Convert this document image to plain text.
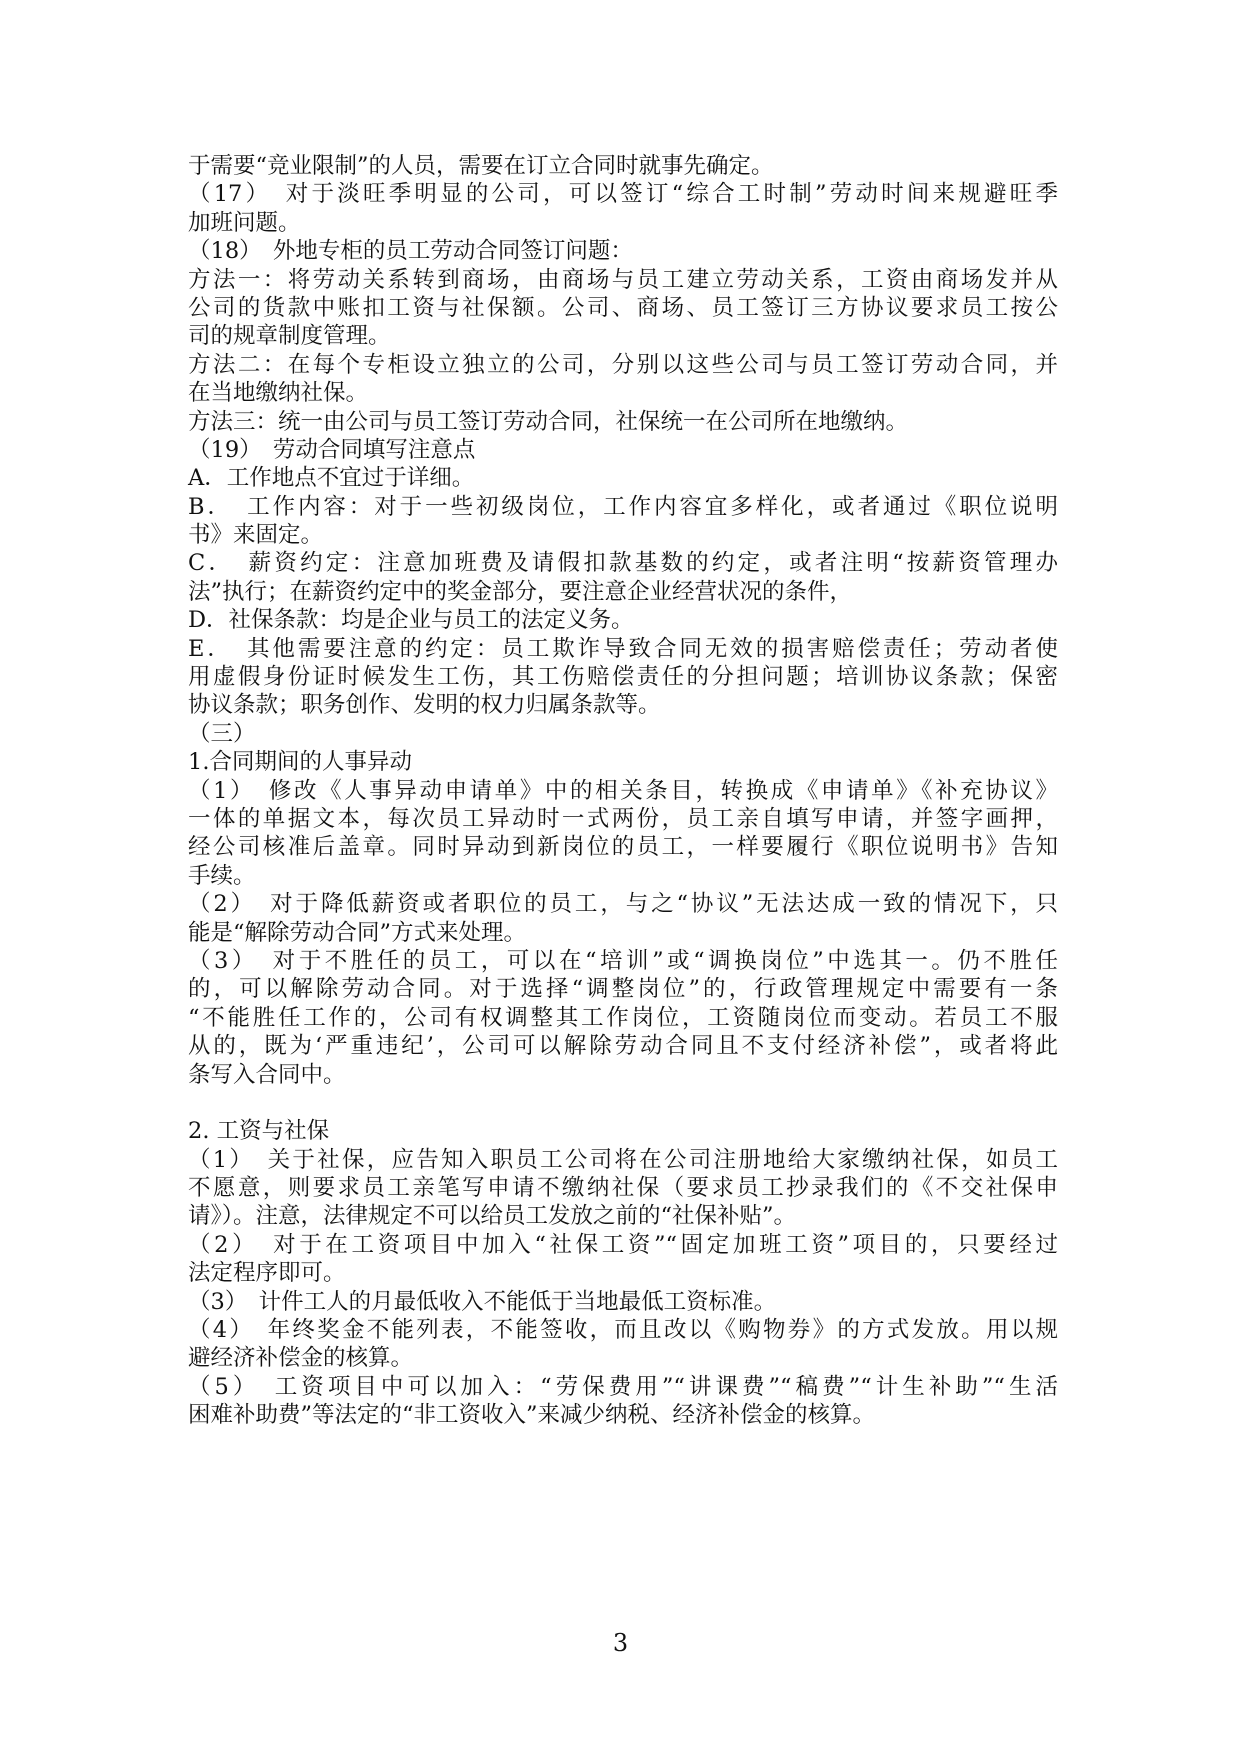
于需要“竞业限制”的人员，需要在订立合同时就事先确定。
（17）　对于淡旺季明显的公司，可以签订“综合工时制”劳动时间来规避旺季
加班问题。
（18）　外地专柜的员工劳动合同签订问题：
方法一：将劳动关系转到商场，由商场与员工建立劳动关系，工资由商场发并从
公司的货款中账扣工资与社保额。公司、商场、员工签订三方协议要求员工按公
司的规章制度管理。
方法二：在每个专柜设立独立的公司，分别以这些公司与员工签订劳动合同，并
在当地缴纳社保。
方法三：统一由公司与员工签订劳动合同，社保统一在公司所在地缴纳。
（19）　劳动合同填写注意点
A．工作地点不宜过于详细。
B．　工作内容：对于一些初级岗位，工作内容宜多样化，或者通过《职位说明
书》来固定。
C．　薪资约定：注意加班费及请假扣款基数的约定，或者注明“按薪资管理办
法”执行；在薪资约定中的奖金部分，要注意企业经营状况的条件，
D．社保条款：均是企业与员工的法定义务。
E．　其他需要注意的约定：员工欺诈导致合同无效的损害赔偿责任；劳动者使
用虚假身份证时候发生工伤，其工伤赔偿责任的分担问题；培训协议条款；保密
协议条款；职务创作、发明的权力归属条款等。
（三）
1.合同期间的人事异动
（1）　修改《人事异动申请单》中的相关条目，转换成《申请单》《补充协议》
一体的单据文本，每次员工异动时一式两份，员工亲自填写申请，并签字画押，
经公司核准后盖章。同时异动到新岗位的员工，一样要履行《职位说明书》告知
手续。
（2）　对于降低薪资或者职位的员工，与之“协议”无法达成一致的情况下，只
能是“解除劳动合同”方式来处理。
（3）　对于不胜任的员工，可以在“培训”或“调换岗位”中选其一。仍不胜任
的，可以解除劳动合同。对于选择“调整岗位”的，行政管理规定中需要有一条
“不能胜任工作的，公司有权调整其工作岗位，工资随岗位而变动。若员工不服
从的，既为‘严重违纪’，公司可以解除劳动合同且不支付经济补偿”，或者将此
条写入合同中。
2. 工资与社保
（1）　关于社保，应告知入职员工公司将在公司注册地给大家缴纳社保，如员工
不愿意，则要求员工亲笔写申请不缴纳社保（要求员工抄录我们的《不交社保申
请》）。注意，法律规定不可以给员工发放之前的“社保补贴”。
（2）　对于在工资项目中加入“社保工资”“固定加班工资”项目的，只要经过
法定程序即可。
（3）　计件工人的月最低收入不能低于当地最低工资标准。
（4）　年终奖金不能列表，不能签收，而且改以《购物券》的方式发放。用以规
避经济补偿金的核算。
（5）　工资项目中可以加入：“劳保费用”“讲课费”“稿费”“计生补助”“生活
困难补助费”等法定的“非工资收入”来减少纳税、经济补偿金的核算。
3
